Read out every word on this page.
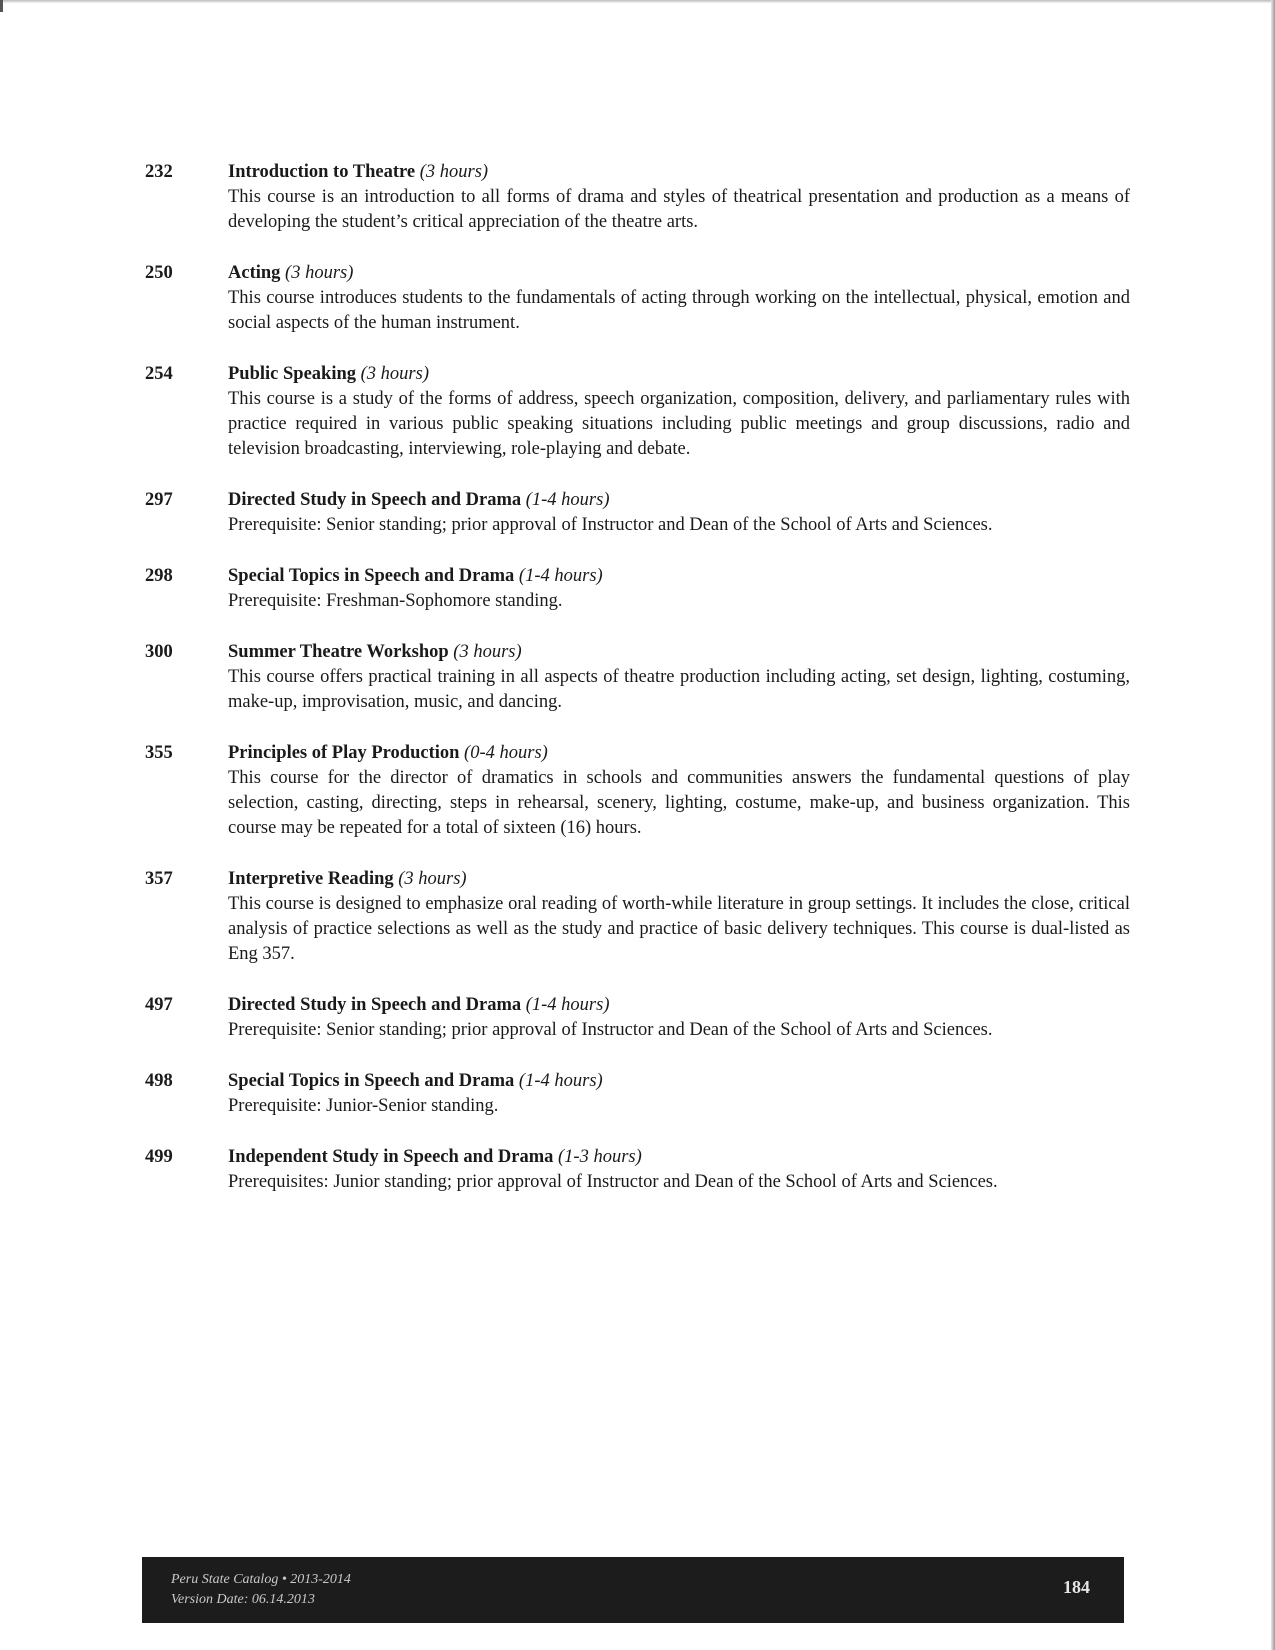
232	Introduction to Theatre (3 hours)
This course is an introduction to all forms of drama and styles of theatrical presentation and production as a means of developing the student’s critical appreciation of the theatre arts.
250	Acting (3 hours)
This course introduces students to the fundamentals of acting through working on the intellectual, physical, emotion and social aspects of the human instrument.
254	Public Speaking (3 hours)
This course is a study of the forms of address, speech organization, composition, delivery, and parliamentary rules with practice required in various public speaking situations including public meetings and group discussions, radio and television broadcasting, interviewing, role-playing and debate.
297	Directed Study in Speech and Drama (1-4 hours)
Prerequisite: Senior standing; prior approval of Instructor and Dean of the School of Arts and Sciences.
298	Special Topics in Speech and Drama (1-4 hours)
Prerequisite: Freshman-Sophomore standing.
300	Summer Theatre Workshop (3 hours)
This course offers practical training in all aspects of theatre production including acting, set design, lighting, costuming, make-up, improvisation, music, and dancing.
355	Principles of Play Production (0-4 hours)
This course for the director of dramatics in schools and communities answers the fundamental questions of play selection, casting, directing, steps in rehearsal, scenery, lighting, costume, make-up, and business organization. This course may be repeated for a total of sixteen (16) hours.
357	Interpretive Reading (3 hours)
This course is designed to emphasize oral reading of worth-while literature in group settings. It includes the close, critical analysis of practice selections as well as the study and practice of basic delivery techniques. This course is dual-listed as Eng 357.
497	Directed Study in Speech and Drama (1-4 hours)
Prerequisite: Senior standing; prior approval of Instructor and Dean of the School of Arts and Sciences.
498	Special Topics in Speech and Drama (1-4 hours)
Prerequisite: Junior-Senior standing.
499	Independent Study in Speech and Drama (1-3 hours)
Prerequisites: Junior standing; prior approval of Instructor and Dean of the School of Arts and Sciences.
Peru State Catalog • 2013-2014
Version Date: 06.14.2013
184
